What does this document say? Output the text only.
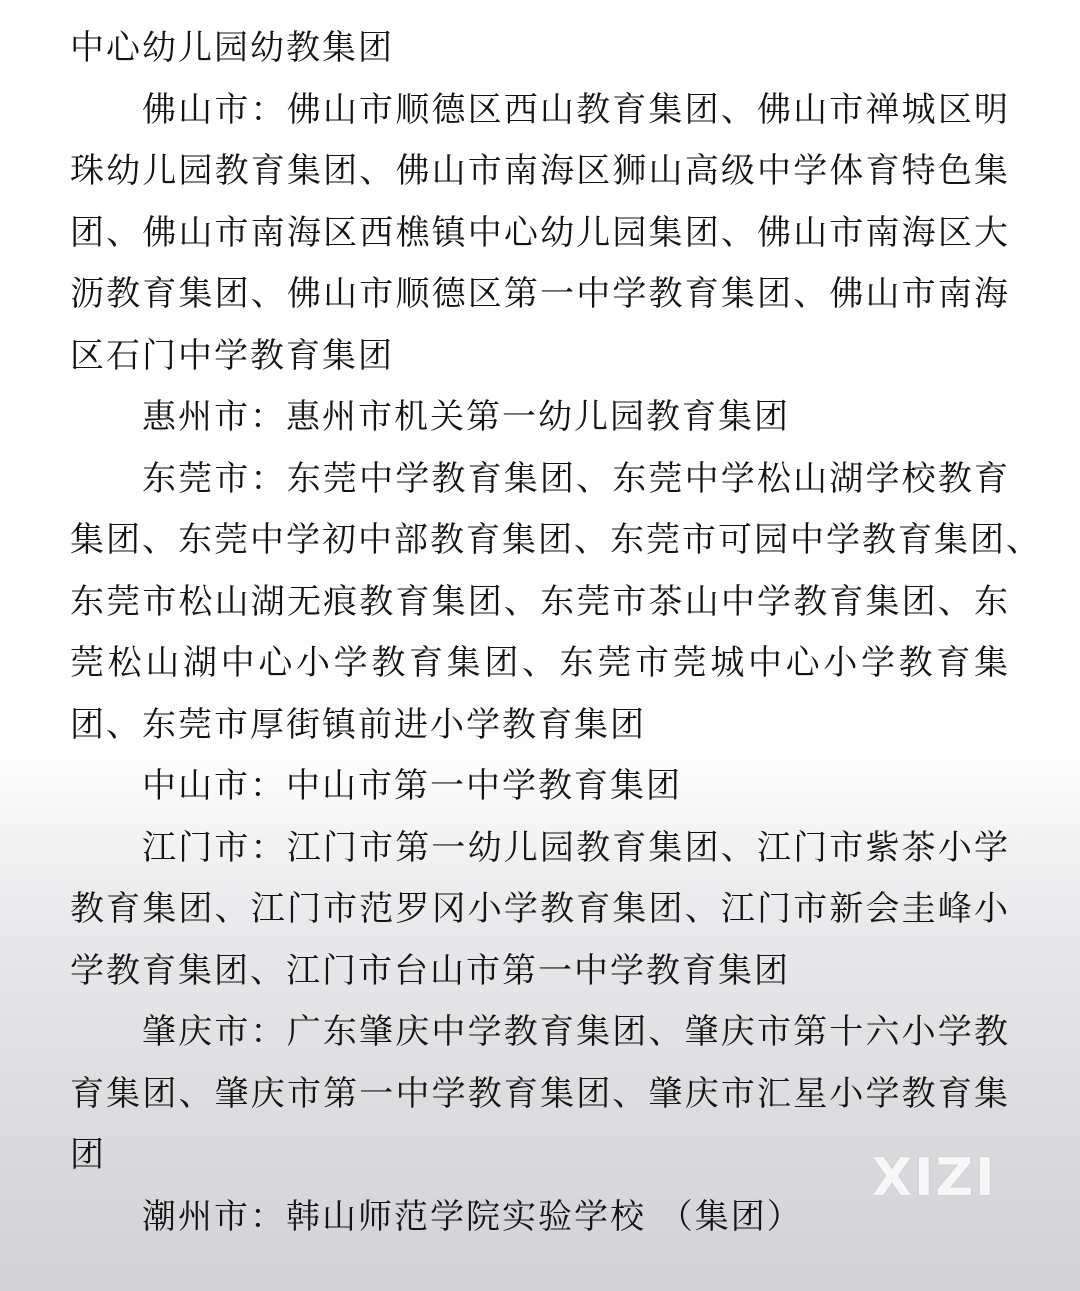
中心幼儿园幼教集团
佛山市：佛山市顺德区西山教育集团、佛山市禅城区明
珠幼儿园教育集团、佛山市南海区狮山高级中学体育特色集
团、佛山市南海区西樵镇中心幼儿园集团、佛山市南海区大
沥教育集团、佛山市顺德区第一中学教育集团、佛山市南海
区石门中学教育集团
惠州市：惠州市机关第一幼儿园教育集团
东莞市：东莞中学教育集团、东莞中学松山湖学校教育
集团、东莞中学初中部教育集团、东莞市可园中学教育集团、
东莞市松山湖无痕教育集团、东莞市茶山中学教育集团、东
莞松山湖中心小学教育集团、东莞市莞城中心小学教育集
团、东莞市厚街镇前进小学教育集团
中山市：中山市第一中学教育集团
江门市：江门市第一幼儿园教育集团、江门市紫茶小学
教育集团、江门市范罗冈小学教育集团、江门市新会圭峰小
学教育集团、江门市台山市第一中学教育集团
肇庆市：广东肇庆中学教育集团、肇庆市第十六小学教
育集团、肇庆市第一中学教育集团、肇庆市汇星小学教育集
团
潮州市：韩山师范学院实验学校 （集团）
XIZI
